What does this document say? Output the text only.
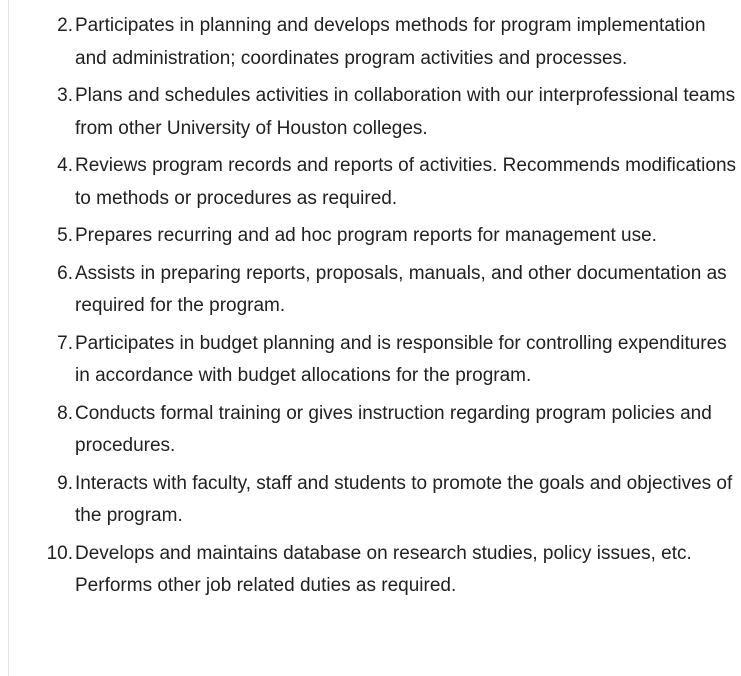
2. Participates in planning and develops methods for program implementation and administration; coordinates program activities and processes.
3. Plans and schedules activities in collaboration with our interprofessional teams from other University of Houston colleges.
4. Reviews program records and reports of activities. Recommends modifications to methods or procedures as required.
5. Prepares recurring and ad hoc program reports for management use.
6. Assists in preparing reports, proposals, manuals, and other documentation as required for the program.
7. Participates in budget planning and is responsible for controlling expenditures in accordance with budget allocations for the program.
8. Conducts formal training or gives instruction regarding program policies and procedures.
9. Interacts with faculty, staff and students to promote the goals and objectives of the program.
10. Develops and maintains database on research studies, policy issues, etc. Performs other job related duties as required.
